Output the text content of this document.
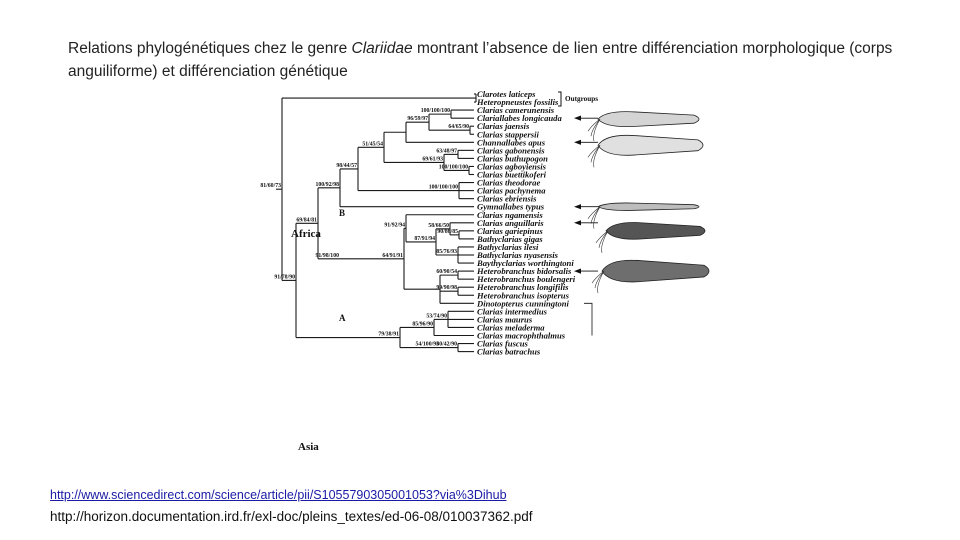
Relations phylogénétiques chez le genre Clariidae montrant l’absence de lien entre différenciation morphologique (corps anguiliforme) et différenciation génétique
Clarotes laticeps
Heteropneustes fossilis
Clarias camerunensis
Clariallabes longicauda
Clarias jaensis
Clarias stappersii
Channallabes apus
Clarias gabonensis
Clarias buthupogon
Clarias agboyiensis
Clarias buettikoferi
Clarias theodorae
Clarias pachynema
Clarias ebriensis
Gymnallabes typus
Clarias ngamensis
Clarias anguillaris
Clarias gariepinus
Bathyclarias gigas
Bathyclarias ilesi
Bathyclarias nyasensis
Baythyclarias worthingtoni
Heterobranchus bidorsalis
Heterobranchus boulengeri
Heterobranchus longifilis
Heterobranchus isopterus
Dinotopterus cunningtoni
Clarias intermedius
Clarias maurus
Clarias meladerma
Clarias macrophthalmus
Clarias fuscus
Clarias batrachus
100/100/100
64/65/90
96/59/97
63/48/97
100/100/100
69/61/93
51/45/54
100/100/100
98/44/57
100/92/98
90/86/85
58/66/50
85/76/93
87/91/94
91/92/94
60/90/54
99/90/98
64/91/91
91/98/100
69/84/81
53/74/90
85/96/90
60/42/90
54/100/93
79/38/91
91/78/90
81/60/73
Outgroups
Africa
Asia
B
A
http://www.sciencedirect.com/science/article/pii/S1055790305001053?via%3Dihub
http://horizon.documentation.ird.fr/exl-doc/pleins_textes/ed-06-08/010037362.pdf
